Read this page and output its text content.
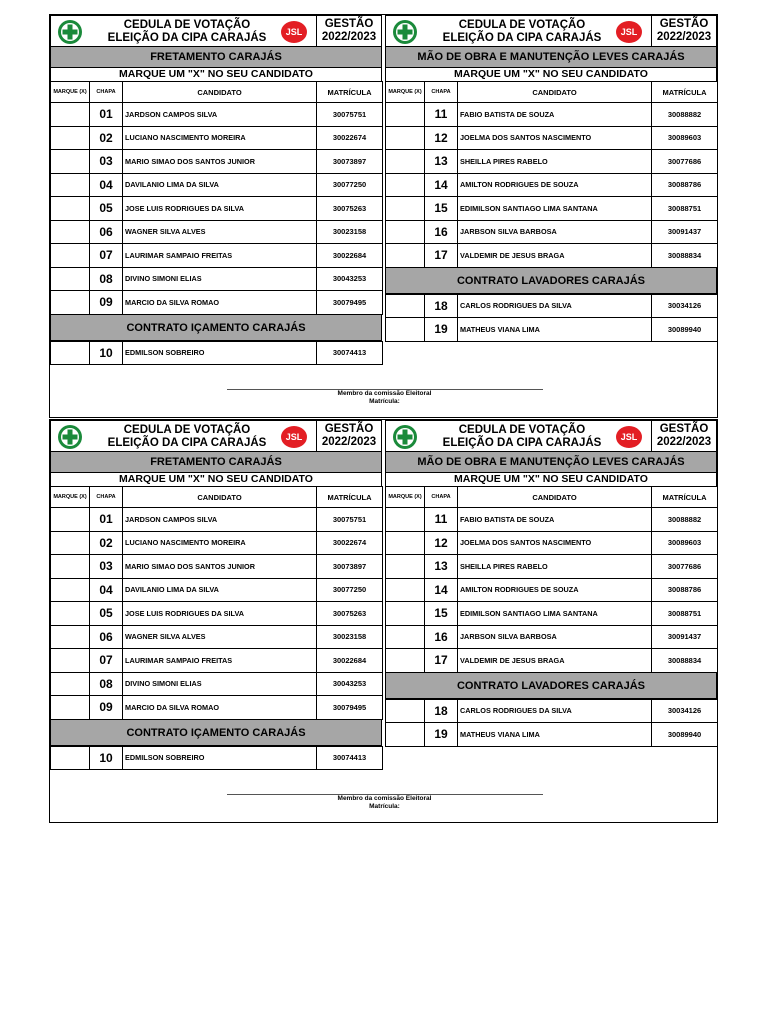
CEDULA DE VOTAÇÃO
ELEIÇÃO DA CIPA CARAJÁS	JSL
GESTÃO
2022/2023
FRETAMENTO CARAJÁS
MARQUE UM "X" NO SEU CANDIDATO
MARQUE (X)	CHAPA	CANDIDATO	MATRÍCULA
	01	JARDSON CAMPOS SILVA	30075751
	02	LUCIANO NASCIMENTO MOREIRA	30022674
	03	MARIO SIMAO DOS SANTOS JUNIOR	30073897
	04	DAVILANIO LIMA DA SILVA	30077250
	05	JOSE LUIS RODRIGUES DA SILVA	30075263
	06	WAGNER SILVA ALVES	30023158
	07	LAURIMAR SAMPAIO FREITAS	30022684
	08	DIVINO SIMONI ELIAS	30043253
	09	MARCIO DA SILVA ROMAO	30079495
CONTRATO IÇAMENTO CARAJÁS
	10	EDMILSON SOBREIRO	30074413
CEDULA DE VOTAÇÃO
ELEIÇÃO DA CIPA CARAJÁS	JSL
GESTÃO
2022/2023
MÃO DE OBRA E MANUTENÇÃO LEVES CARAJÁS
MARQUE UM "X" NO SEU CANDIDATO
MARQUE (X)	CHAPA	CANDIDATO	MATRÍCULA
	11	FABIO BATISTA DE SOUZA	30088882
	12	JOELMA DOS SANTOS NASCIMENTO	30089603
	13	SHEILLA PIRES RABELO	30077686
	14	AMILTON RODRIGUES DE SOUZA	30088786
	15	EDIMILSON SANTIAGO LIMA SANTANA	30088751
	16	JARBSON SILVA BARBOSA	30091437
	17	VALDEMIR DE JESUS BRAGA	30088834
CONTRATO LAVADORES CARAJÁS
	18	CARLOS RODRIGUES DA SILVA	30034126
	19	MATHEUS VIANA LIMA	30089940
Membro da comissão Eleitoral
Matrícula:
CEDULA DE VOTAÇÃO
ELEIÇÃO DA CIPA CARAJÁS	JSL
GESTÃO
2022/2023
FRETAMENTO CARAJÁS
MARQUE UM "X" NO SEU CANDIDATO
MARQUE (X)	CHAPA	CANDIDATO	MATRÍCULA
	01	JARDSON CAMPOS SILVA	30075751
	02	LUCIANO NASCIMENTO MOREIRA	30022674
	03	MARIO SIMAO DOS SANTOS JUNIOR	30073897
	04	DAVILANIO LIMA DA SILVA	30077250
	05	JOSE LUIS RODRIGUES DA SILVA	30075263
	06	WAGNER SILVA ALVES	30023158
	07	LAURIMAR SAMPAIO FREITAS	30022684
	08	DIVINO SIMONI ELIAS	30043253
	09	MARCIO DA SILVA ROMAO	30079495
CONTRATO IÇAMENTO CARAJÁS
	10	EDMILSON SOBREIRO	30074413
CEDULA DE VOTAÇÃO
ELEIÇÃO DA CIPA CARAJÁS	JSL
GESTÃO
2022/2023
MÃO DE OBRA E MANUTENÇÃO LEVES CARAJÁS
MARQUE UM "X" NO SEU CANDIDATO
MARQUE (X)	CHAPA	CANDIDATO	MATRÍCULA
	11	FABIO BATISTA DE SOUZA	30088882
	12	JOELMA DOS SANTOS NASCIMENTO	30089603
	13	SHEILLA PIRES RABELO	30077686
	14	AMILTON RODRIGUES DE SOUZA	30088786
	15	EDIMILSON SANTIAGO LIMA SANTANA	30088751
	16	JARBSON SILVA BARBOSA	30091437
	17	VALDEMIR DE JESUS BRAGA	30088834
CONTRATO LAVADORES CARAJÁS
	18	CARLOS RODRIGUES DA SILVA	30034126
	19	MATHEUS VIANA LIMA	30089940
Membro da comissão Eleitoral
Matrícula:
